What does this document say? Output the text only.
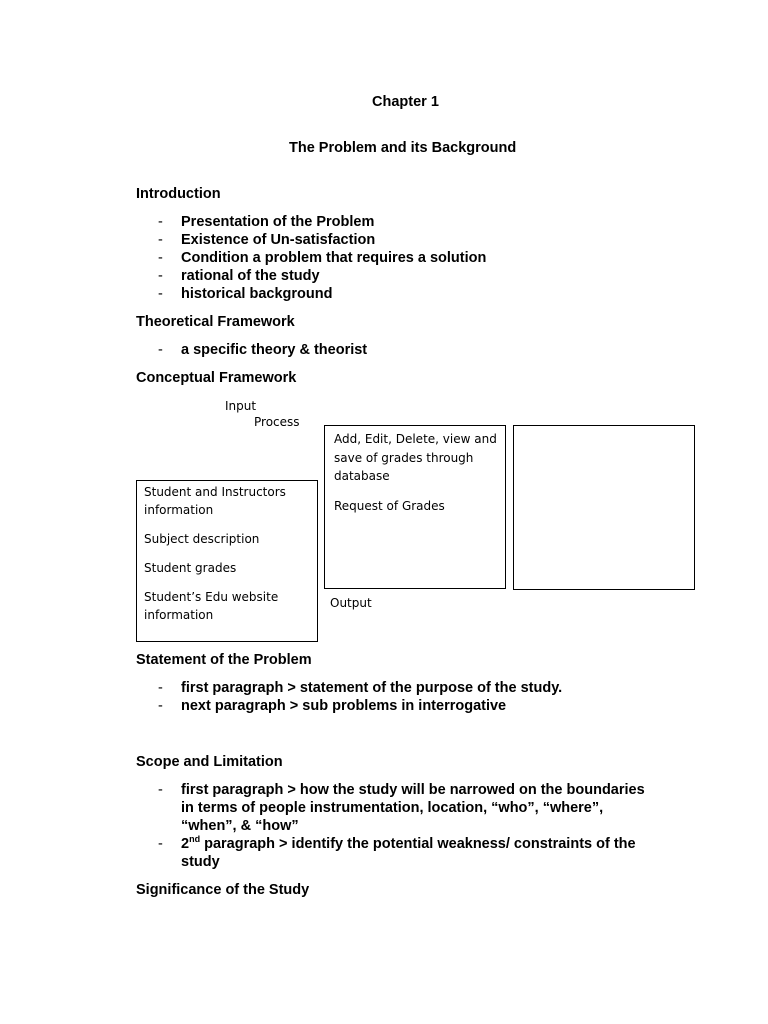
Chapter 1
The Problem and its Background
Introduction
- Presentation of the Problem
- Existence of Un-satisfaction
- Condition a problem that requires a solution
- rational of the study
- historical background
Theoretical Framework
- a specific theory & theorist
Conceptual Framework
Input
Process
Student and Instructors
information
Subject description
Student grades
Student’s Edu website
information
Add, Edit, Delete, view and
save of grades through
database
Request of Grades
Output
Statement of the Problem
- first paragraph > statement of the purpose of the study.
- next paragraph > sub problems in interrogative
Scope and Limitation
- first paragraph > how the study will be narrowed on the boundaries
in terms of people instrumentation, location, “who”, “where”,
“when”, & “how”
- 2nd paragraph > identify the potential weakness/ constraints of the
study
Significance of the Study
